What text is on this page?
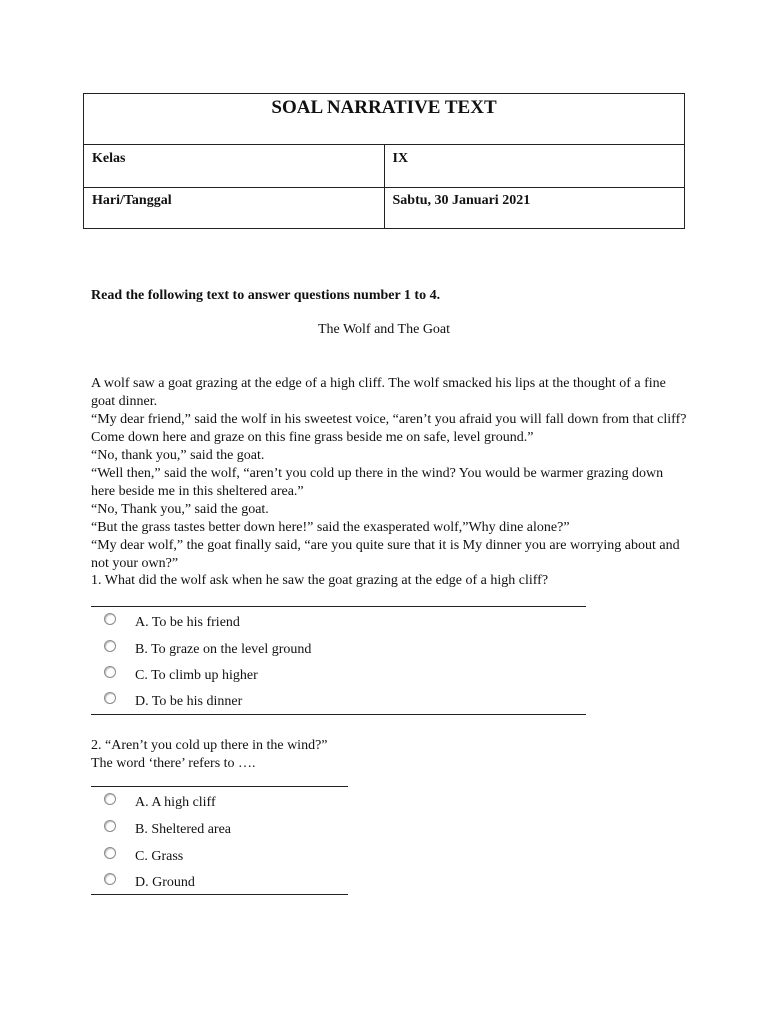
SOAL NARRATIVE TEXT	
Kelas	IX
Hari/Tanggal	Sabtu, 30 Januari 2021
Read the following text to answer questions number 1 to 4.
The Wolf and The Goat

A wolf saw a goat grazing at the edge of a high cliff. The wolf smacked his lips at the thought of a fine goat dinner.

“My dear friend,” said the wolf in his sweetest voice, “aren’t you afraid you will fall down from that cliff? Come down here and graze on this fine grass beside me on safe, level ground.”

“No, thank you,” said the goat.

“Well then,” said the wolf, “aren’t you cold up there in the wind? You would be warmer grazing down here beside me in this sheltered area.”

“No, Thank you,” said the goat.

“But the grass tastes better down here!” said the exasperated wolf,”Why dine alone?”

“My dear wolf,” the goat finally said, “are you quite sure that it is My dinner you are worrying about and not your own?”

1. What did the wolf ask when he saw the goat grazing at the edge of a high cliff?
A. To be his friend
B. To graze on the level ground
C. To climb up higher
D. To be his dinner

2. “Aren’t you cold up there in the wind?”

The word ‘there’ refers to ….

A. A high cliff
B. Sheltered area
C. Grass
D. Ground
